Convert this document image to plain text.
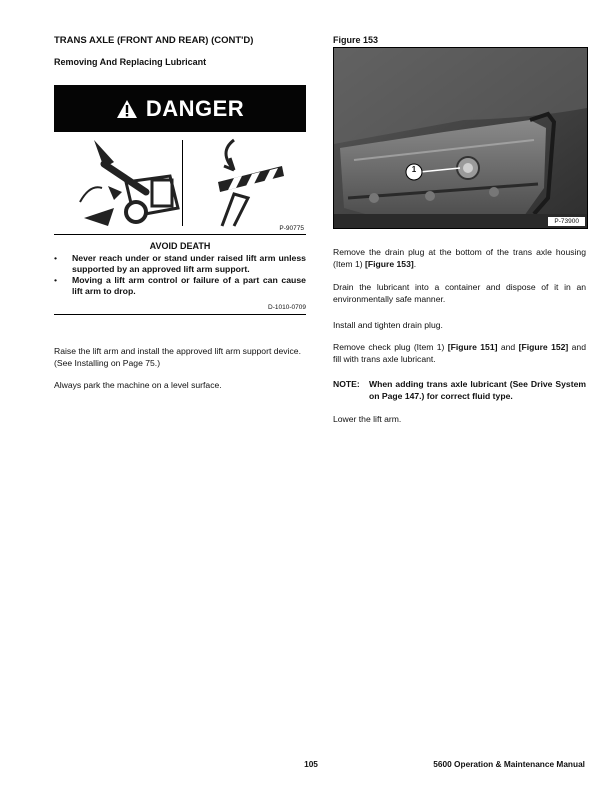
TRANS AXLE (FRONT AND REAR) (CONT'D)
Removing And Replacing Lubricant
DANGER
P-90775
AVOID DEATH
• Never reach under or stand under raised lift arm unless supported by an approved lift arm support.
• Moving a lift arm control or failure of a part can cause lift arm to drop.
D-1010-0709
Raise the lift arm and install the approved lift arm support device.(See Installing on Page 75.)
Always park the machine on a level surface.
Figure 153
1
P-73900
Remove the drain plug at the bottom of the trans axle housing (Item 1) [Figure 153].
Drain the lubricant into a container and dispose of it in an environmentally safe manner.
Install and tighten drain plug.
Remove check plug (Item 1) [Figure 151] and [Figure 152] and fill with trans axle lubricant.
NOTE: When adding trans axle lubricant (See Drive System on Page 147.) for correct fluid type.
Lower the lift arm.
105	5600 Operation & Maintenance Manual
